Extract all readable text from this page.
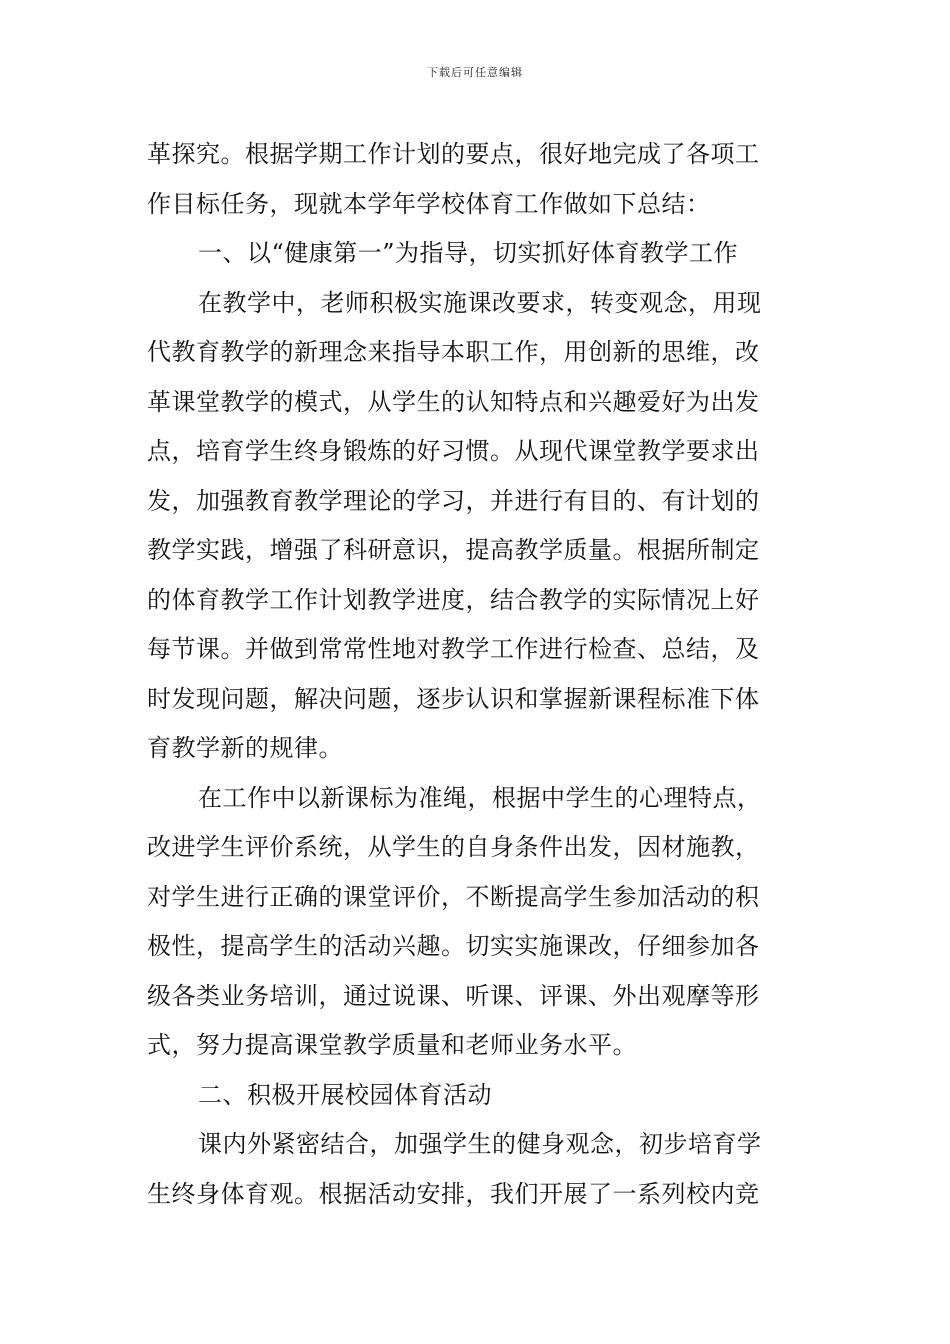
下载后可任意编辑
革探究。根据学期工作计划的要点，很好地完成了各项工
作目标任务，现就本学年学校体育工作做如下总结：
一、以“健康第一”为指导，切实抓好体育教学工作
在教学中，老师积极实施课改要求，转变观念，用现
代教育教学的新理念来指导本职工作，用创新的思维，改
革课堂教学的模式，从学生的认知特点和兴趣爱好为出发
点，培育学生终身锻炼的好习惯。从现代课堂教学要求出
发，加强教育教学理论的学习，并进行有目的、有计划的
教学实践，增强了科研意识，提高教学质量。根据所制定
的体育教学工作计划教学进度，结合教学的实际情况上好
每节课。并做到常常性地对教学工作进行检查、总结，及
时发现问题，解决问题，逐步认识和掌握新课程标准下体
育教学新的规律。
在工作中以新课标为准绳，根据中学生的心理特点，
改进学生评价系统，从学生的自身条件出发，因材施教，
对学生进行正确的课堂评价，不断提高学生参加活动的积
极性，提高学生的活动兴趣。切实实施课改，仔细参加各
级各类业务培训，通过说课、听课、评课、外出观摩等形
式，努力提高课堂教学质量和老师业务水平。
二、积极开展校园体育活动
课内外紧密结合，加强学生的健身观念，初步培育学
生终身体育观。根据活动安排，我们开展了一系列校内竞
